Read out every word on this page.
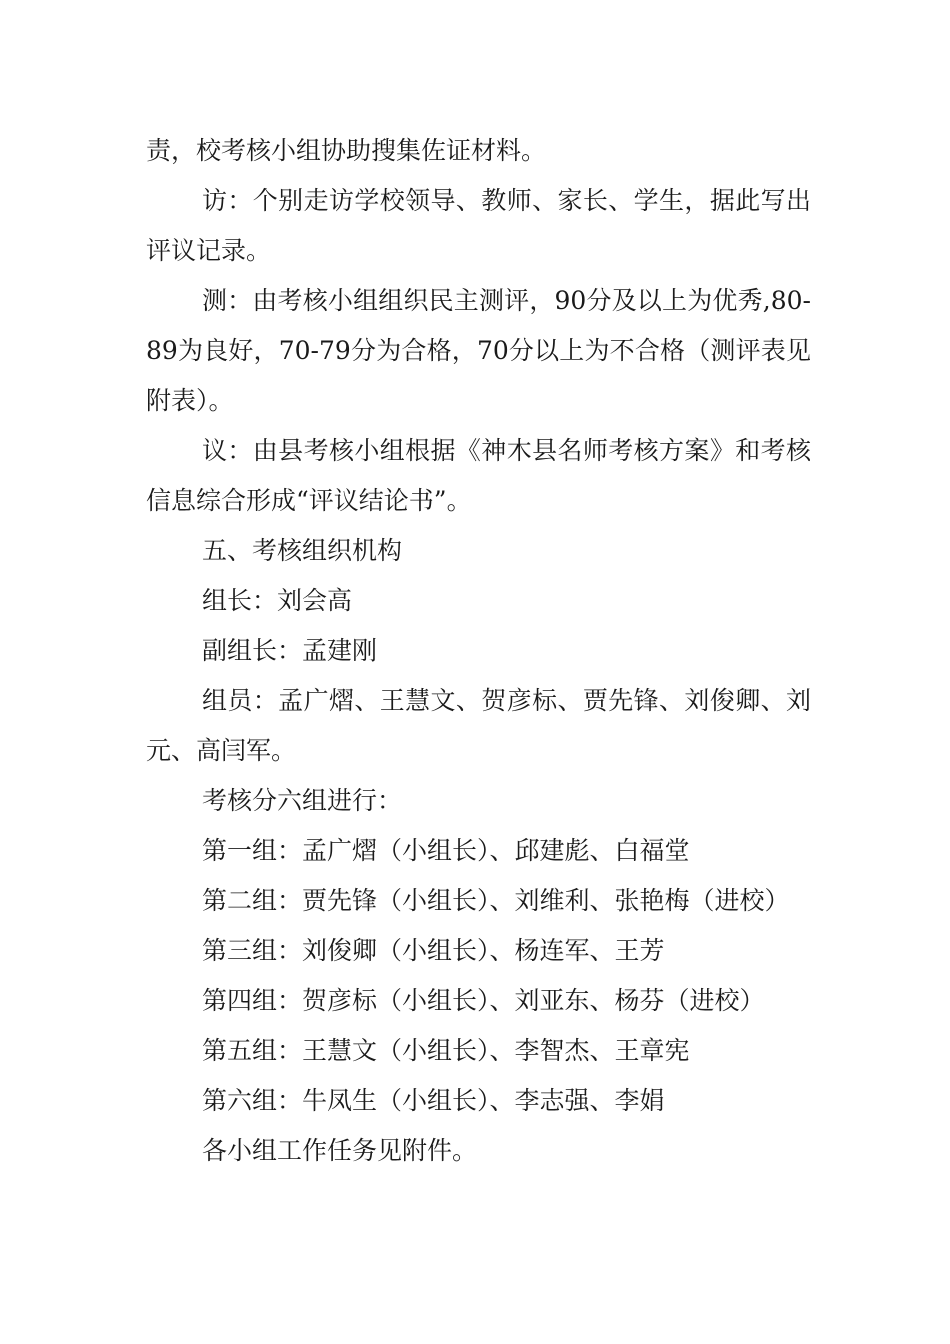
责，校考核小组协助搜集佐证材料。

访：个别走访学校领导、教师、家长、学生，据此写出评议记录。

测：由考核小组组织民主测评，90分及以上为优秀,80-89为良好，70-79分为合格，70分以上为不合格（测评表见附表）。

议：由县考核小组根据《神木县名师考核方案》和考核信息综合形成“评议结论书”。

五、考核组织机构

组长：刘会高

副组长：孟建刚

组员：孟广熠、王慧文、贺彦标、贾先锋、刘俊卿、刘元、高闫军。

考核分六组进行：

第一组：孟广熠（小组长）、邱建彪、白福堂

第二组：贾先锋（小组长）、刘维利、张艳梅（进校）

第三组：刘俊卿（小组长）、杨连军、王芳

第四组：贺彦标（小组长）、刘亚东、杨芬（进校）

第五组：王慧文（小组长）、李智杰、王章宪

第六组：牛凤生（小组长）、李志强、李娟

各小组工作任务见附件。
